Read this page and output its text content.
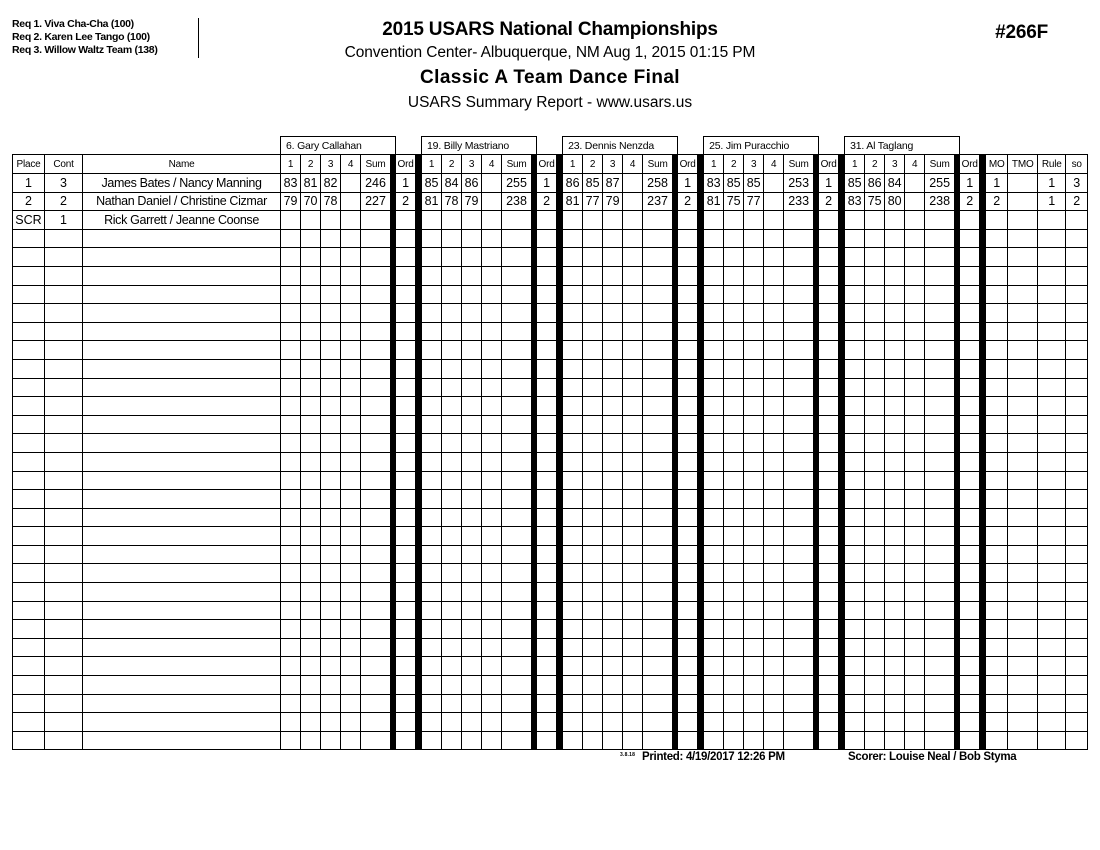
Req 1. Viva Cha-Cha (100)
Req 2. Karen Lee Tango (100)
Req 3. Willow Waltz Team (138)
2015 USARS National Championships
Convention Center- Albuquerque, NM Aug 1, 2015 01:15 PM
Classic A Team Dance Final
USARS Summary Report - www.usars.us
#266F
			6. Gary Callahan								19. Billy Mastriano								23. Dennis Nenzda								25. Jim Puracchio								31. Al Taglang											
Place	Cont	Name	1	2	3	4	Sum		Ord		1	2	3	4	Sum		Ord		1	2	3	4	Sum		Ord		1	2	3	4	Sum		Ord		1	2	3	4	Sum		Ord		MO	TMO	Rule	so
1	3	James Bates / Nancy Manning	83	81	82		246		1		85	84	86		255		1		86	85	87		258		1		83	85	85		253		1		85	86	84		255		1		1		1	3
2	2	Nathan Daniel / Christine Cizmar	79	70	78		227		2		81	78	79		238		2		81	77	79		237		2		81	75	77		233		2		83	75	80		238		2		2		1	2
SCR	1	Rick Garrett / Jeanne Coonse																																												

3.8.18 Printed: 4/19/2017 12:26 PM	Scorer: Louise Neal / Bob Styma
